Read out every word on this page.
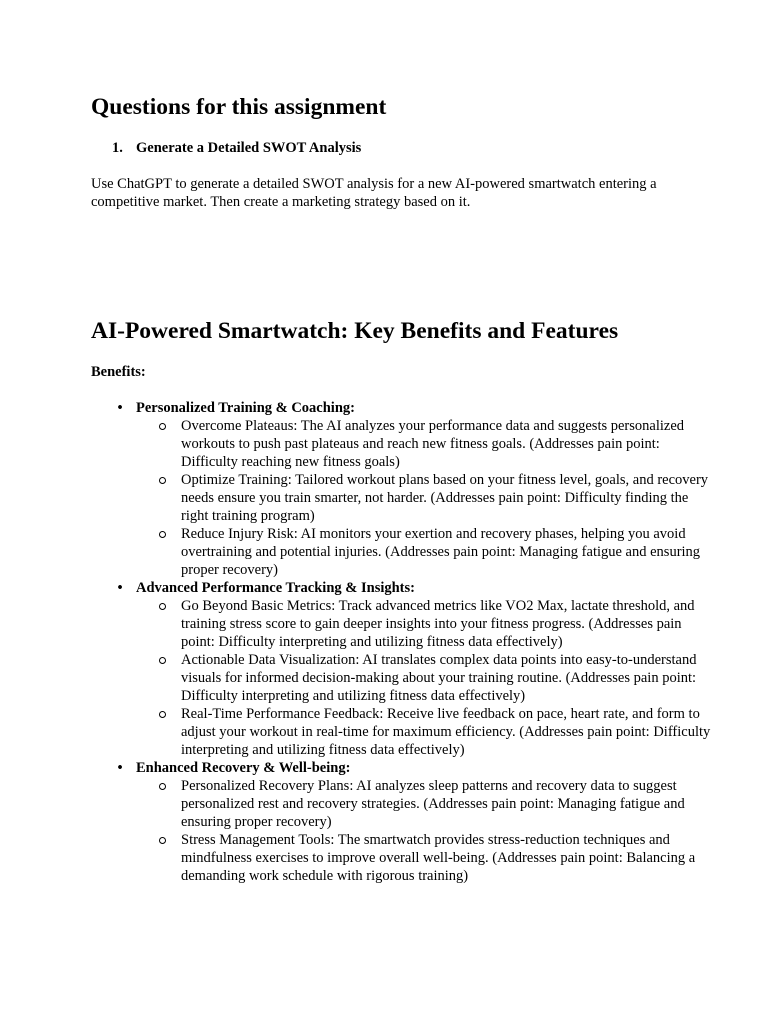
Questions for this assignment
1. Generate a Detailed SWOT Analysis

Use ChatGPT to generate a detailed SWOT analysis for a new AI-powered smartwatch entering a competitive market. Then create a marketing strategy based on it.

AI-Powered Smartwatch: Key Benefits and Features
Benefits:
• Personalized Training & Coaching:
Overcome Plateaus: The AI analyzes your performance data and suggests personalized workouts to push past plateaus and reach new fitness goals. (Addresses pain point: Difficulty reaching new fitness goals)
Optimize Training: Tailored workout plans based on your fitness level, goals, and recovery needs ensure you train smarter, not harder. (Addresses pain point: Difficulty finding the right training program)
Reduce Injury Risk: AI monitors your exertion and recovery phases, helping you avoid overtraining and potential injuries. (Addresses pain point: Managing fatigue and ensuring proper recovery)
• Advanced Performance Tracking & Insights:
Go Beyond Basic Metrics: Track advanced metrics like VO2 Max, lactate threshold, and training stress score to gain deeper insights into your fitness progress. (Addresses pain point: Difficulty interpreting and utilizing fitness data effectively)
Actionable Data Visualization: AI translates complex data points into easy-to-understand visuals for informed decision-making about your training routine. (Addresses pain point: Difficulty interpreting and utilizing fitness data effectively)
Real-Time Performance Feedback: Receive live feedback on pace, heart rate, and form to adjust your workout in real-time for maximum efficiency. (Addresses pain point: Difficulty interpreting and utilizing fitness data effectively)
• Enhanced Recovery & Well-being:
Personalized Recovery Plans: AI analyzes sleep patterns and recovery data to suggest personalized rest and recovery strategies. (Addresses pain point: Managing fatigue and ensuring proper recovery)
Stress Management Tools: The smartwatch provides stress-reduction techniques and mindfulness exercises to improve overall well-being. (Addresses pain point: Balancing a demanding work schedule with rigorous training)
